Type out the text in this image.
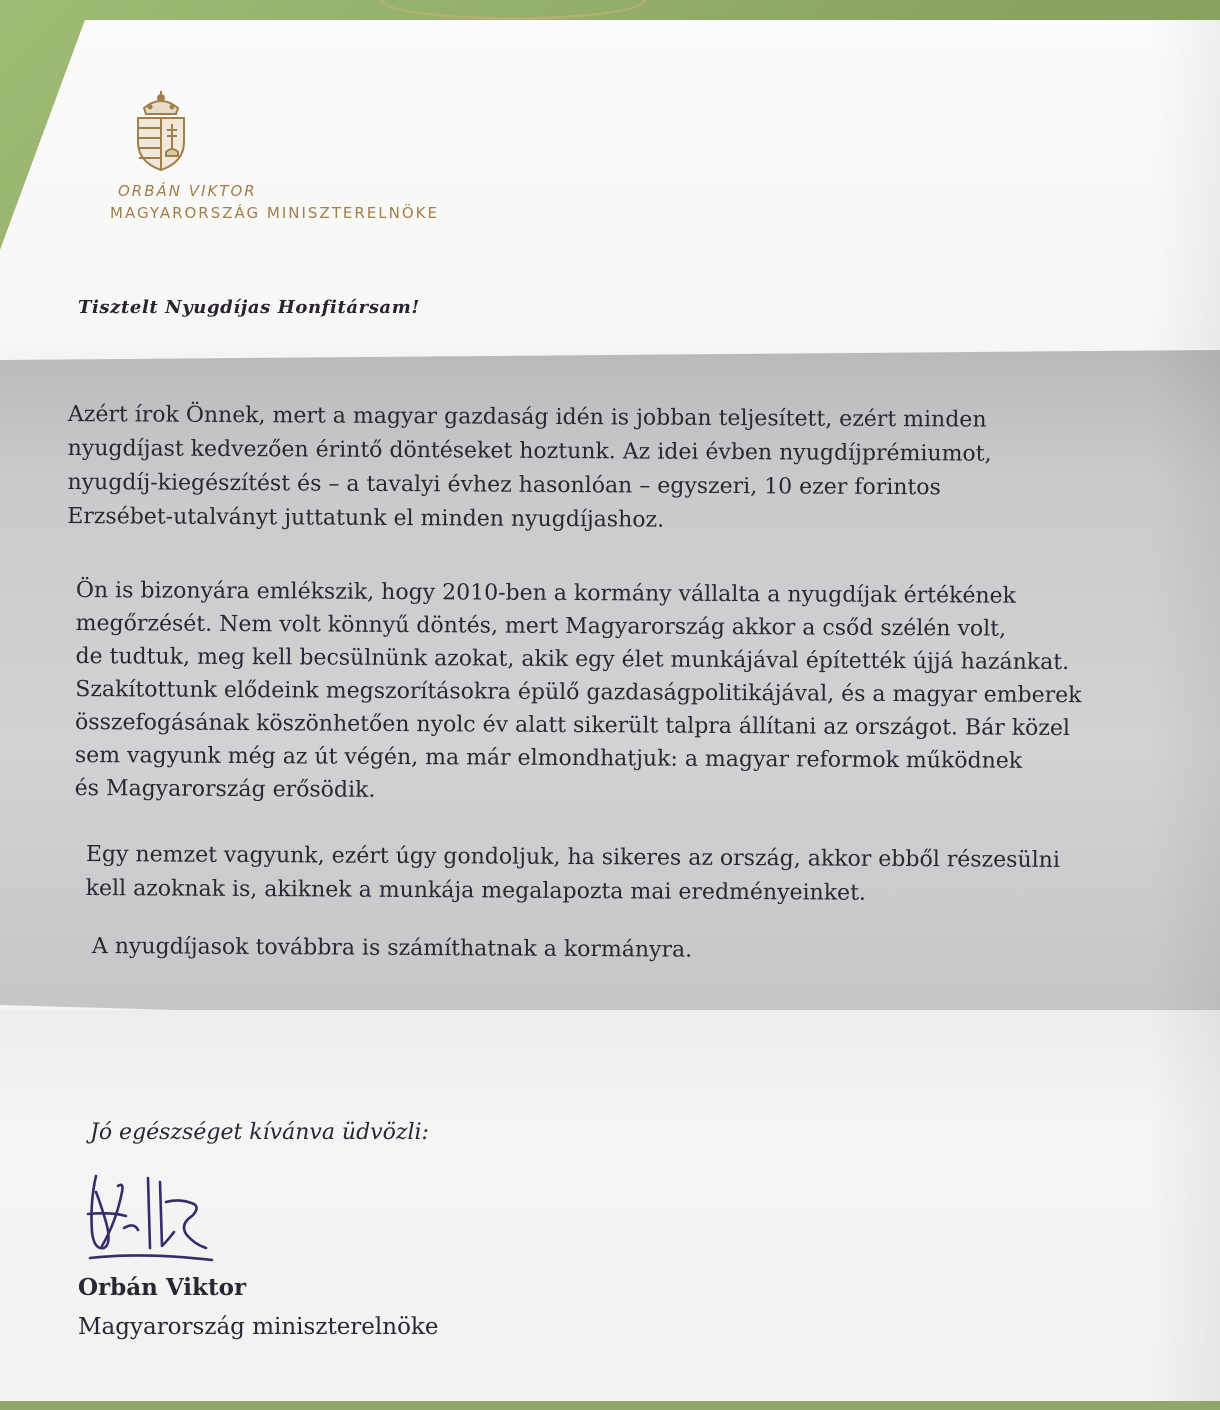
ORBÁN VIKTOR

MAGYARORSZÁG MINISZTERELNÖKE

Tisztelt Nyugdíjas Honfitársam!

Azért írok Önnek, mert a magyar gazdaság idén is jobban teljesített, ezért minden
nyugdíjast kedvezően érintő döntéseket hoztunk. Az idei évben nyugdíjprémiumot,
nyugdíj-kiegészítést és – a tavalyi évhez hasonlóan – egyszeri, 10 ezer forintos
Erzsébet-utalványt juttatunk el minden nyugdíjashoz.

Ön is bizonyára emlékszik, hogy 2010-ben a kormány vállalta a nyugdíjak értékének
megőrzését. Nem volt könnyű döntés, mert Magyarország akkor a csőd szélén volt,
de tudtuk, meg kell becsülnünk azokat, akik egy élet munkájával építették újjá hazánkat.
Szakítottunk elődeink megszorításokra épülő gazdaságpolitikájával, és a magyar emberek
összefogásának köszönhetően nyolc év alatt sikerült talpra állítani az országot. Bár közel
sem vagyunk még az út végén, ma már elmondhatjuk: a magyar reformok működnek
és Magyarország erősödik.

Egy nemzet vagyunk, ezért úgy gondoljuk, ha sikeres az ország, akkor ebből részesülni
kell azoknak is, akiknek a munkája megalapozta mai eredményeinket.

A nyugdíjasok továbbra is számíthatnak a kormányra.

Jó egészséget kívánva üdvözli:

Orbán Viktor

Magyarország miniszterelnöke
